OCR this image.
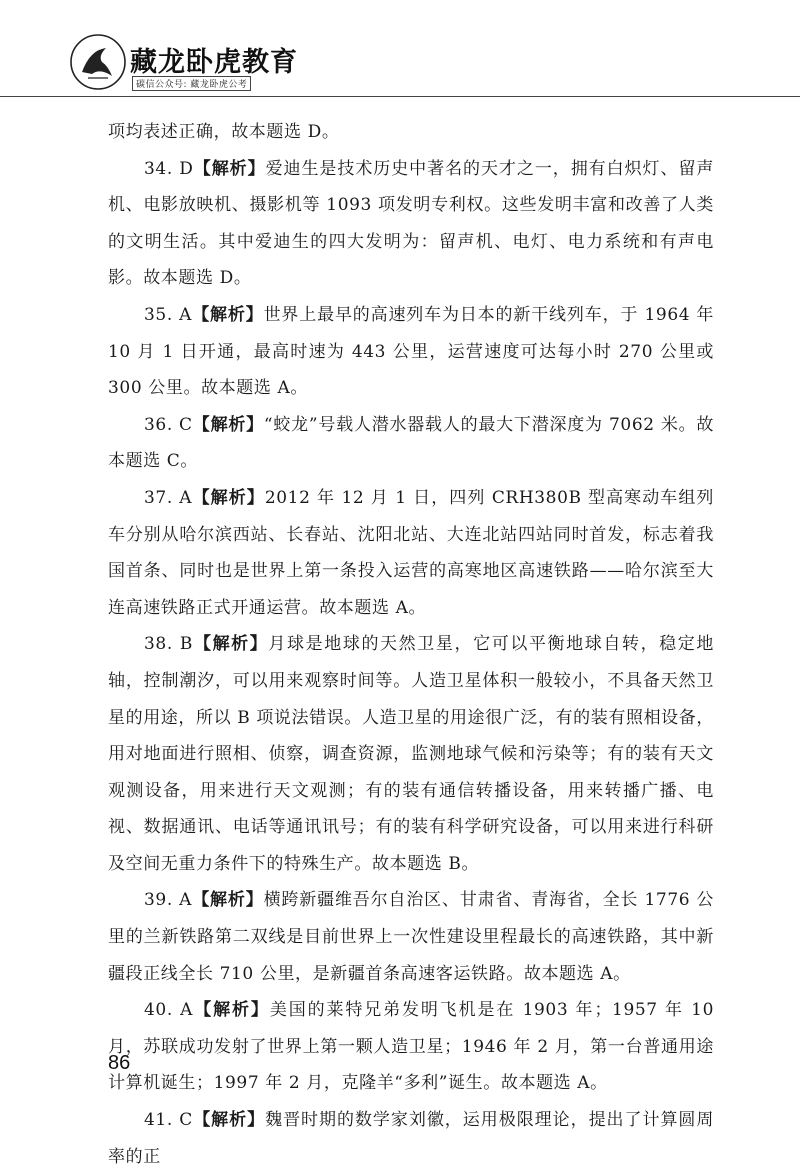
藏龙卧虎教育
碳信公众号: 藏龙卧虎公考

项均表述正确，故本题选 D。

34. D【解析】爱迪生是技术历史中著名的天才之一，拥有白炽灯、留声机、电影放映机、摄影机等 1093 项发明专利权。这些发明丰富和改善了人类的文明生活。其中爱迪生的四大发明为：留声机、电灯、电力系统和有声电影。故本题选 D。

35. A【解析】世界上最早的高速列车为日本的新干线列车，于 1964 年 10 月 1 日开通，最高时速为 443 公里，运营速度可达每小时 270 公里或 300 公里。故本题选 A。

36. C【解析】“蛟龙”号载人潜水器载人的最大下潜深度为 7062 米。故本题选 C。

37. A【解析】2012 年 12 月 1 日，四列 CRH380B 型高寒动车组列车分别从哈尔滨西站、长春站、沈阳北站、大连北站四站同时首发，标志着我国首条、同时也是世界上第一条投入运营的高寒地区高速铁路——哈尔滨至大连高速铁路正式开通运营。故本题选 A。

38. B【解析】月球是地球的天然卫星，它可以平衡地球自转，稳定地轴，控制潮汐，可以用来观察时间等。人造卫星体积一般较小，不具备天然卫星的用途，所以 B 项说法错误。人造卫星的用途很广泛，有的装有照相设备，用对地面进行照相、侦察，调查资源，监测地球气候和污染等；有的装有天文观测设备，用来进行天文观测；有的装有通信转播设备，用来转播广播、电视、数据通讯、电话等通讯讯号；有的装有科学研究设备，可以用来进行科研及空间无重力条件下的特殊生产。故本题选 B。

39. A【解析】横跨新疆维吾尔自治区、甘肃省、青海省，全长 1776 公里的兰新铁路第二双线是目前世界上一次性建设里程最长的高速铁路，其中新疆段正线全长 710 公里，是新疆首条高速客运铁路。故本题选 A。

40. A【解析】美国的莱特兄弟发明飞机是在 1903 年；1957 年 10 月，苏联成功发射了世界上第一颗人造卫星；1946 年 2 月，第一台普通用途计算机诞生；1997 年 2 月，克隆羊“多利”诞生。故本题选 A。

41. C【解析】魏晋时期的数学家刘徽，运用极限理论，提出了计算圆周率的正

86
